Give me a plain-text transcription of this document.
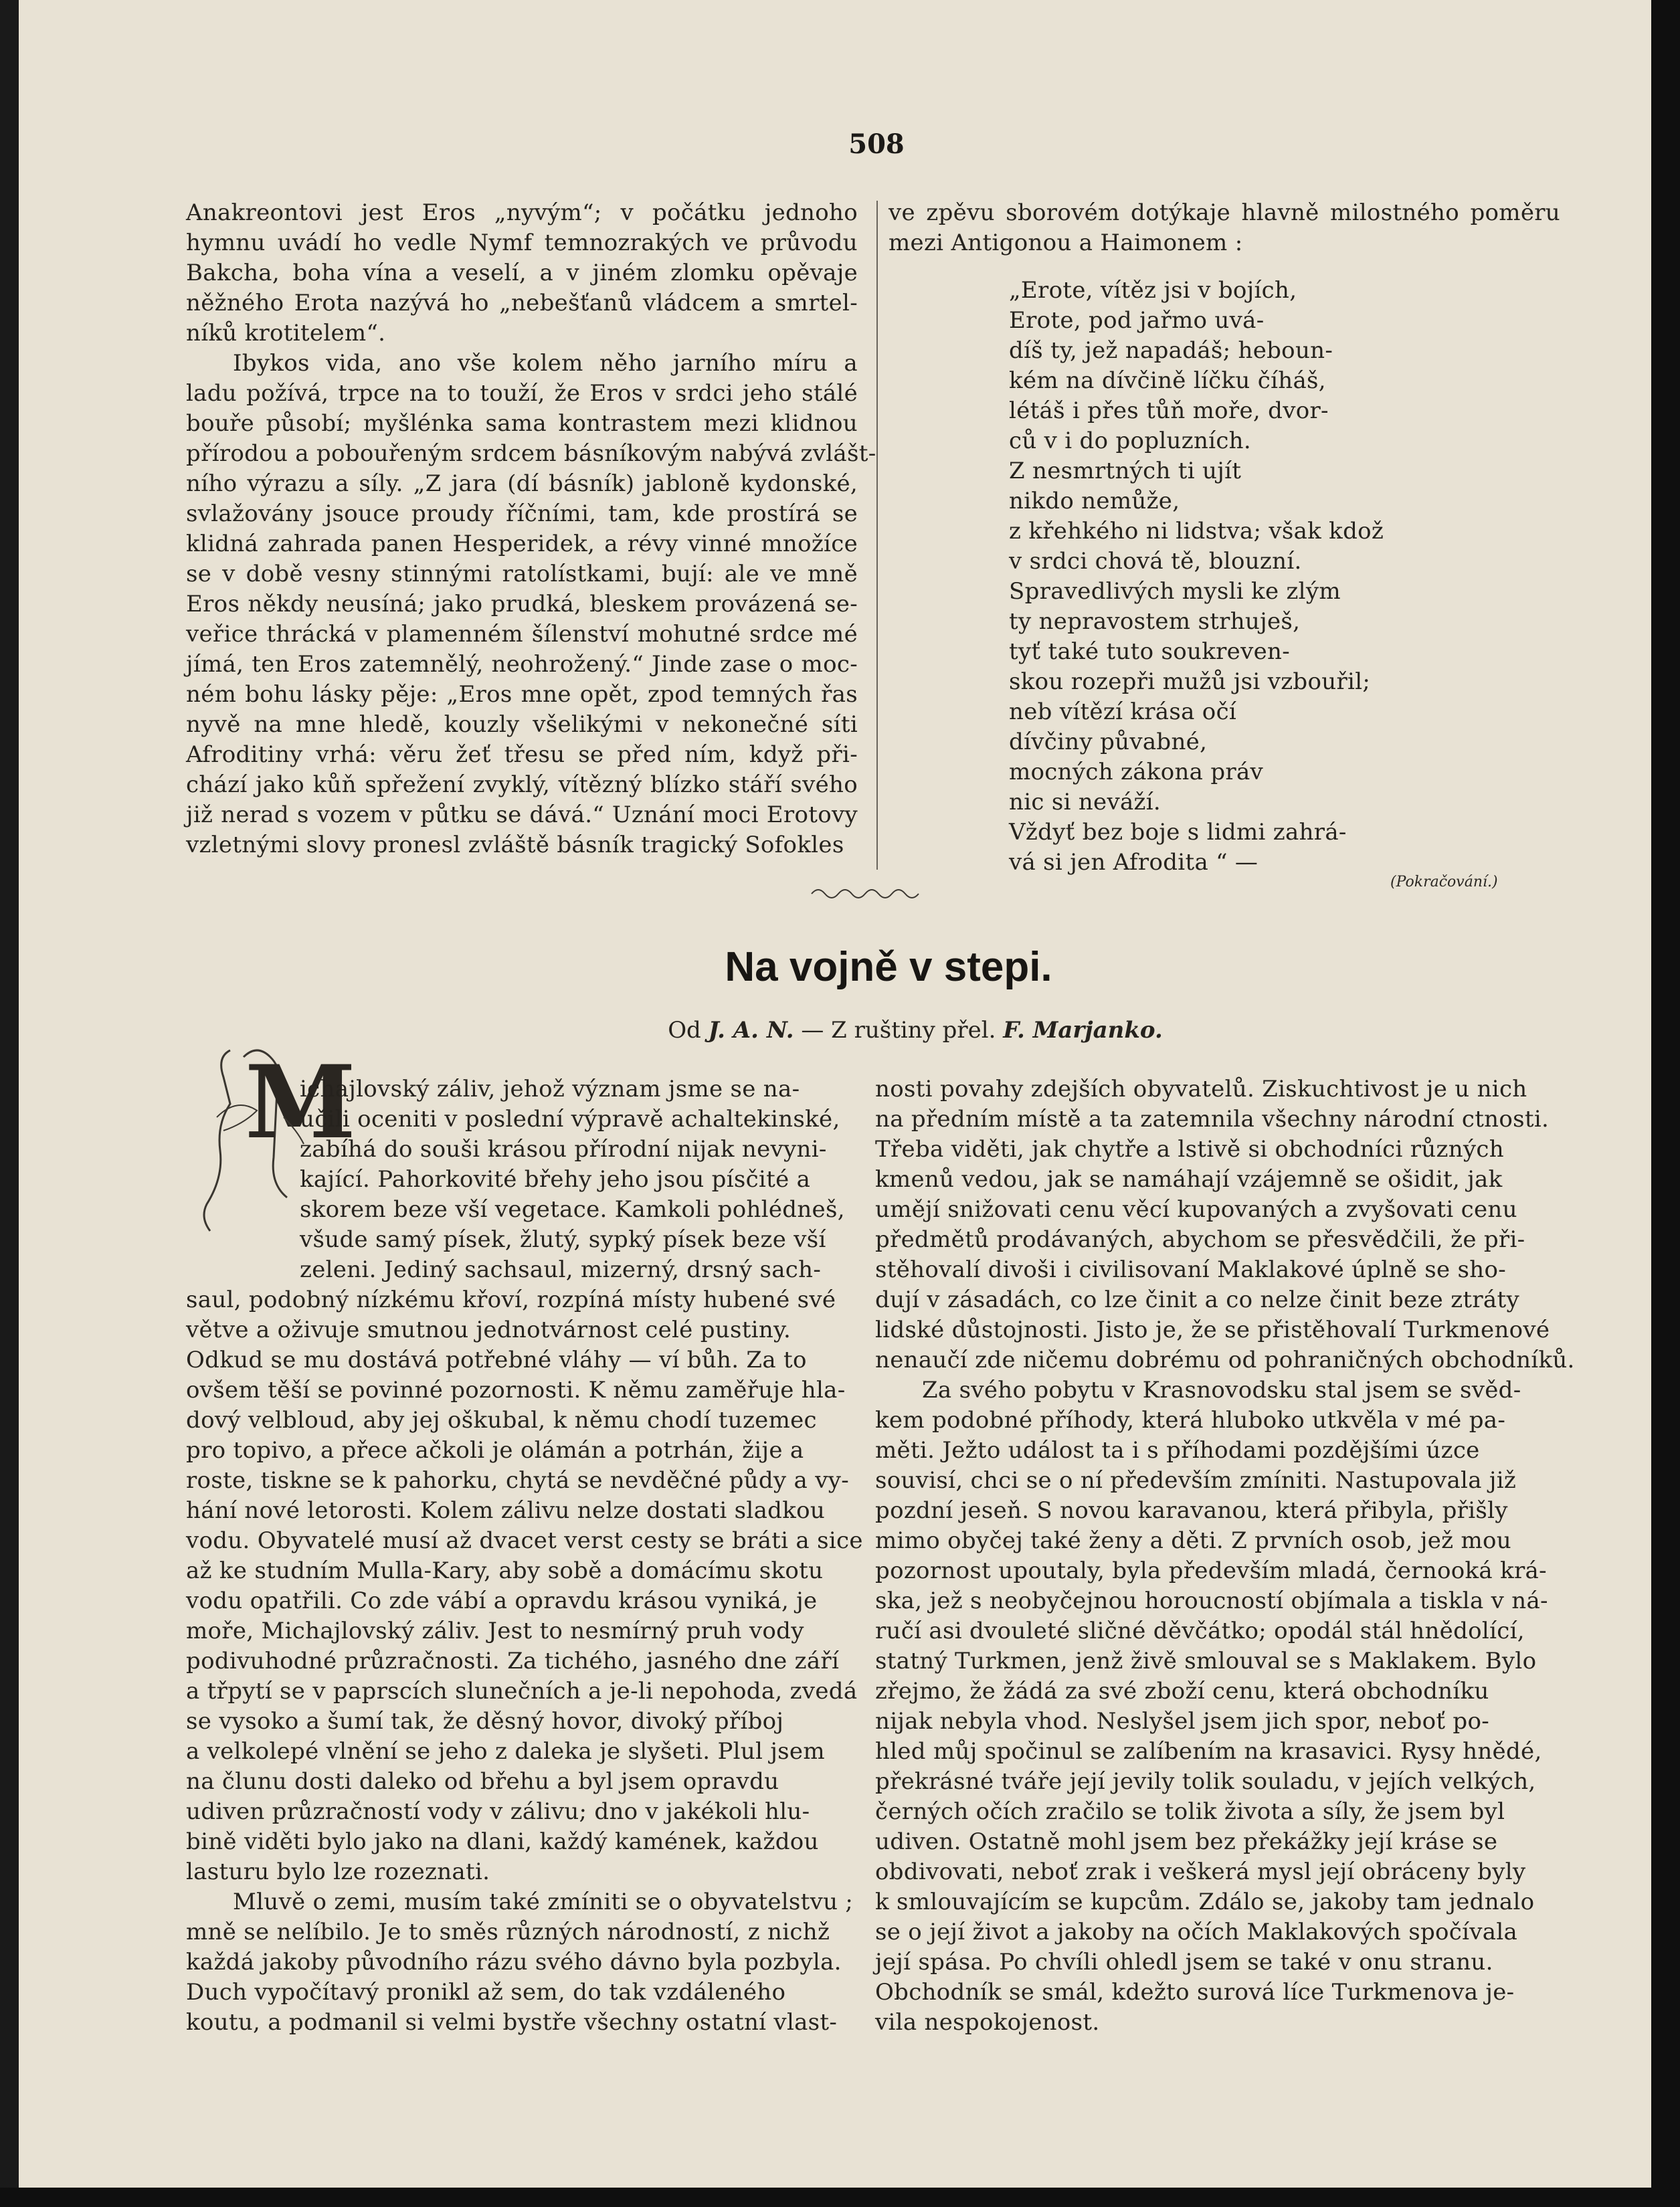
508
Anakreontovi jest Eros „nyvým“; v počátku jednoho
hymnu uvádí ho vedle Nymf temnozrakých ve průvodu
Bakcha, boha vína a veselí, a v jiném zlomku opěvaje
něžného Erota nazývá ho „nebešťanů vládcem a smrtel-
níků krotitelem“.
Ibykos vida, ano vše kolem něho jarního míru a
ladu požívá, trpce na to touží, že Eros v srdci jeho stálé
bouře působí; myšlénka sama kontrastem mezi klidnou
přírodou a pobouřeným srdcem básníkovým nabývá zvlášt-
ního výrazu a síly. „Z jara (dí básník) jabloně kydonské,
svlažovány jsouce proudy říčními, tam, kde prostírá se
klidná zahrada panen Hesperidek, a révy vinné množíce
se v době vesny stinnými ratolístkami, bují: ale ve mně
Eros někdy neusíná; jako prudká, bleskem provázená se-
veřice thrácká v plamenném šílenství mohutné srdce mé
jímá, ten Eros zatemnělý, neohrožený.“ Jinde zase o moc-
ném bohu lásky pěje: „Eros mne opět, zpod temných řas
nyvě na mne hledě, kouzly všelikými v nekonečné síti
Afroditiny vrhá: věru žeť třesu se před ním, když při-
chází jako kůň spřežení zvyklý, vítězný blízko stáří svého
již nerad s vozem v půtku se dává.“ Uznání moci Erotovy
vzletnými slovy pronesl zvláště básník tragický Sofokles
ve zpěvu sborovém dotýkaje hlavně milostného poměru
mezi Antigonou a Haimonem :
„Erote, vítěz jsi v bojích,
Erote, pod jařmo uvá-
díš ty, jež napadáš; heboun-
kém na dívčině líčku číháš,
létáš i přes tůň moře, dvor-
ců v i do popluzních.
Z nesmrtných ti ujít
nikdo nemůže,
z křehkého ni lidstva; však kdož
v srdci chová tě, blouzní.
Spravedlivých mysli ke zlým
ty nepravostem strhuješ,
tyť také tuto soukreven-
skou rozepři mužů jsi vzbouřil;
neb vítězí krása očí
dívčiny půvabné,
mocných zákona práv
nic si neváží.
Vždyť bez boje s lidmi zahrá-
vá si jen Afrodita “ —
(Pokračování.)
Na vojně v stepi.
Od J. A. N. — Z ruštiny přel. F. Marjanko.
M
ichajlovský záliv, jehož význam jsme se na-
učili oceniti v poslední výpravě achaltekinské,
zabíhá do souši krásou přírodní nijak nevyni-
kající. Pahorkovité břehy jeho jsou písčité a
skorem beze vší vegetace. Kamkoli pohlédneš,
všude samý písek, žlutý, sypký písek beze vší
zeleni. Jediný sachsaul, mizerný, drsný sach-
saul, podobný nízkému křoví, rozpíná místy hubené své
větve a oživuje smutnou jednotvárnost celé pustiny.
Odkud se mu dostává potřebné vláhy — ví bůh. Za to
ovšem těší se povinné pozornosti. K němu zaměřuje hla-
dový velbloud, aby jej oškubal, k němu chodí tuzemec
pro topivo, a přece ačkoli je olámán a potrhán, žije a
roste, tiskne se k pahorku, chytá se nevděčné půdy a vy-
hání nové letorosti. Kolem zálivu nelze dostati sladkou
vodu. Obyvatelé musí až dvacet verst cesty se bráti a sice
až ke studním Mulla-Kary, aby sobě a domácímu skotu
vodu opatřili. Co zde vábí a opravdu krásou vyniká, je
moře, Michajlovský záliv. Jest to nesmírný pruh vody
podivuhodné průzračnosti. Za tichého, jasného dne září
a třpytí se v paprscích slunečních a je-li nepohoda, zvedá
se vysoko a šumí tak, že děsný hovor, divoký příboj
a velkolepé vlnění se jeho z daleka je slyšeti. Plul jsem
na člunu dosti daleko od břehu a byl jsem opravdu
udiven průzračností vody v zálivu; dno v jakékoli hlu-
bině viděti bylo jako na dlani, každý kamének, každou
lasturu bylo lze rozeznati.
Mluvě o zemi, musím také zmíniti se o obyvatelstvu ;
mně se nelíbilo. Je to směs různých národností, z nichž
každá jakoby původního rázu svého dávno byla pozbyla.
Duch vypočítavý pronikl až sem, do tak vzdáleného
koutu, a podmanil si velmi bystře všechny ostatní vlast-
nosti povahy zdejších obyvatelů. Ziskuchtivost je u nich
na předním místě a ta zatemnila všechny národní ctnosti.
Třeba viděti, jak chytře a lstivě si obchodníci různých
kmenů vedou, jak se namáhají vzájemně se ošidit, jak
umějí snižovati cenu věcí kupovaných a zvyšovati cenu
předmětů prodávaných, abychom se přesvědčili, že při-
stěhovalí divoši i civilisovaní Maklakové úplně se sho-
dují v zásadách, co lze činit a co nelze činit beze ztráty
lidské důstojnosti. Jisto je, že se přistěhovalí Turkmenové
nenaučí zde ničemu dobrému od pohraničných obchodníků.
Za svého pobytu v Krasnovodsku stal jsem se svěd-
kem podobné příhody, která hluboko utkvěla v mé pa-
měti. Ježto událost ta i s příhodami pozdějšími úzce
souvisí, chci se o ní především zmíniti. Nastupovala již
pozdní jeseň. S novou karavanou, která přibyla, přišly
mimo obyčej také ženy a děti. Z prvních osob, jež mou
pozornost upoutaly, byla především mladá, černooká krá-
ska, jež s neobyčejnou horoucností objímala a tiskla v ná-
ručí asi dvouleté sličné děvčátko; opodál stál hnědolící,
statný Turkmen, jenž živě smlouval se s Maklakem. Bylo
zřejmo, že žádá za své zboží cenu, která obchodníku
nijak nebyla vhod. Neslyšel jsem jich spor, neboť po-
hled můj spočinul se zalíbením na krasavici. Rysy hnědé,
překrásné tváře její jevily tolik souladu, v jejích velkých,
černých očích zračilo se tolik života a síly, že jsem byl
udiven. Ostatně mohl jsem bez překážky její kráse se
obdivovati, neboť zrak i veškerá mysl její obráceny byly
k smlouvajícím se kupcům. Zdálo se, jakoby tam jednalo
se o její život a jakoby na očích Maklakových spočívala
její spása. Po chvíli ohledl jsem se také v onu stranu.
Obchodník se smál, kdežto surová líce Turkmenova je-
vila nespokojenost.
